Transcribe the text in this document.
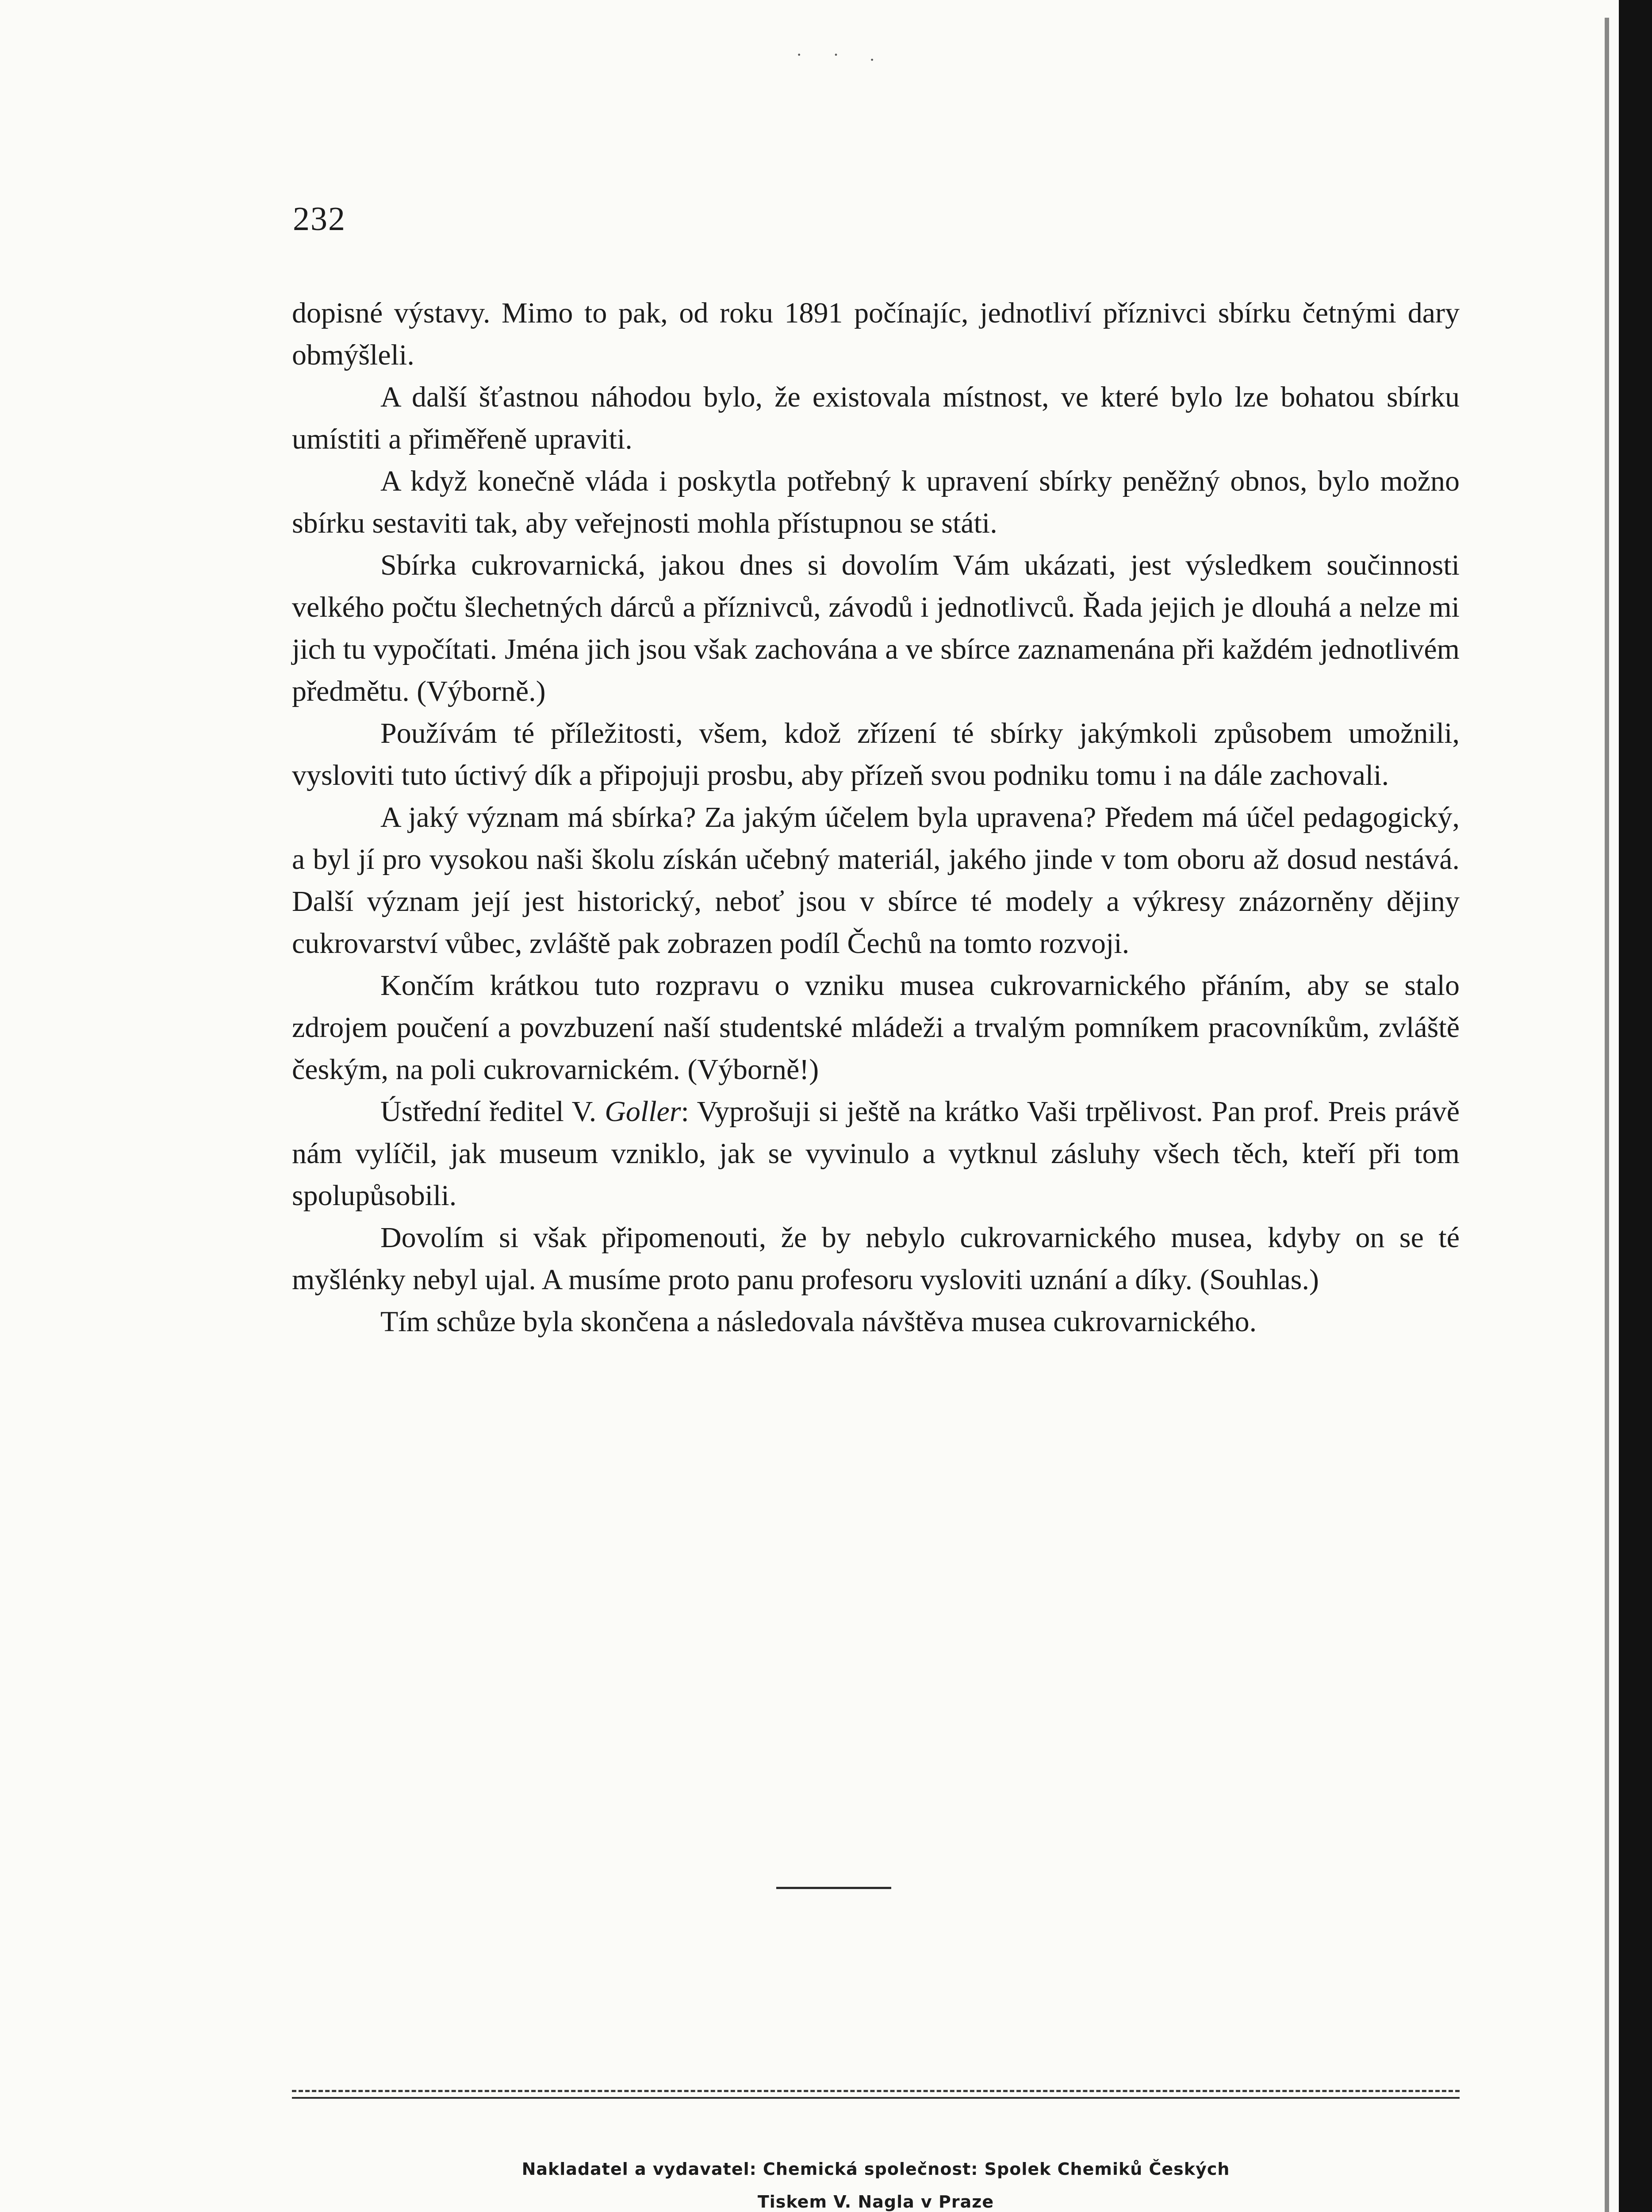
· · .
232

dopisné výstavy. Mimo to pak, od roku 1891 počínajíc, jednotliví příznivci sbírku četnými dary obmýšleli.

A další šťastnou náhodou bylo, že existovala místnost, ve které bylo lze bohatou sbírku umístiti a přiměřeně upraviti.

A když konečně vláda i poskytla potřebný k upravení sbírky peněžný obnos, bylo možno sbírku sestaviti tak, aby veřejnosti mohla přístupnou se státi.

Sbírka cukrovarnická, jakou dnes si dovolím Vám ukázati, jest výsledkem součinnosti velkého počtu šlechetných dárců a příznivců, závodů i jednotlivců. Řada jejich je dlouhá a nelze mi jich tu vypočítati. Jména jich jsou však zachována a ve sbírce zaznamenána při každém jednotlivém předmětu. (Výborně.)

Používám té příležitosti, všem, kdož zřízení té sbírky jakýmkoli způsobem umožnili, vysloviti tuto úctivý dík a připojuji prosbu, aby přízeň svou podniku tomu i na dále zachovali.

A jaký význam má sbírka? Za jakým účelem byla upravena? Předem má účel pedagogický, a byl jí pro vysokou naši školu získán učebný materiál, jakého jinde v tom oboru až dosud nestává. Další význam její jest historický, neboť jsou v sbírce té modely a výkresy znázorněny dějiny cukrovarství vůbec, zvláště pak zobrazen podíl Čechů na tomto rozvoji.

Končím krátkou tuto rozpravu o vzniku musea cukrovarnického přáním, aby se stalo zdrojem poučení a povzbuzení naší studentské mládeži a trvalým pomníkem pracovníkům, zvláště českým, na poli cukrovarnickém. (Výborně!)

Ústřední ředitel V. Goller: Vyprošuji si ještě na krátko Vaši trpělivost. Pan prof. Preis právě nám vylíčil, jak museum vzniklo, jak se vyvinulo a vytknul zásluhy všech těch, kteří při tom spolupůsobili.

Dovolím si však připomenouti, že by nebylo cukrovarnického musea, kdyby on se té myšlénky nebyl ujal. A musíme proto panu profesoru vysloviti uznání a díky. (Souhlas.)

Tím schůze byla skončena a následovala návštěva musea cukrovarnického.

Nakladatel a vydavatel: Chemická společnost: Spolek Chemiků Českých
Tiskem V. Nagla v Praze
